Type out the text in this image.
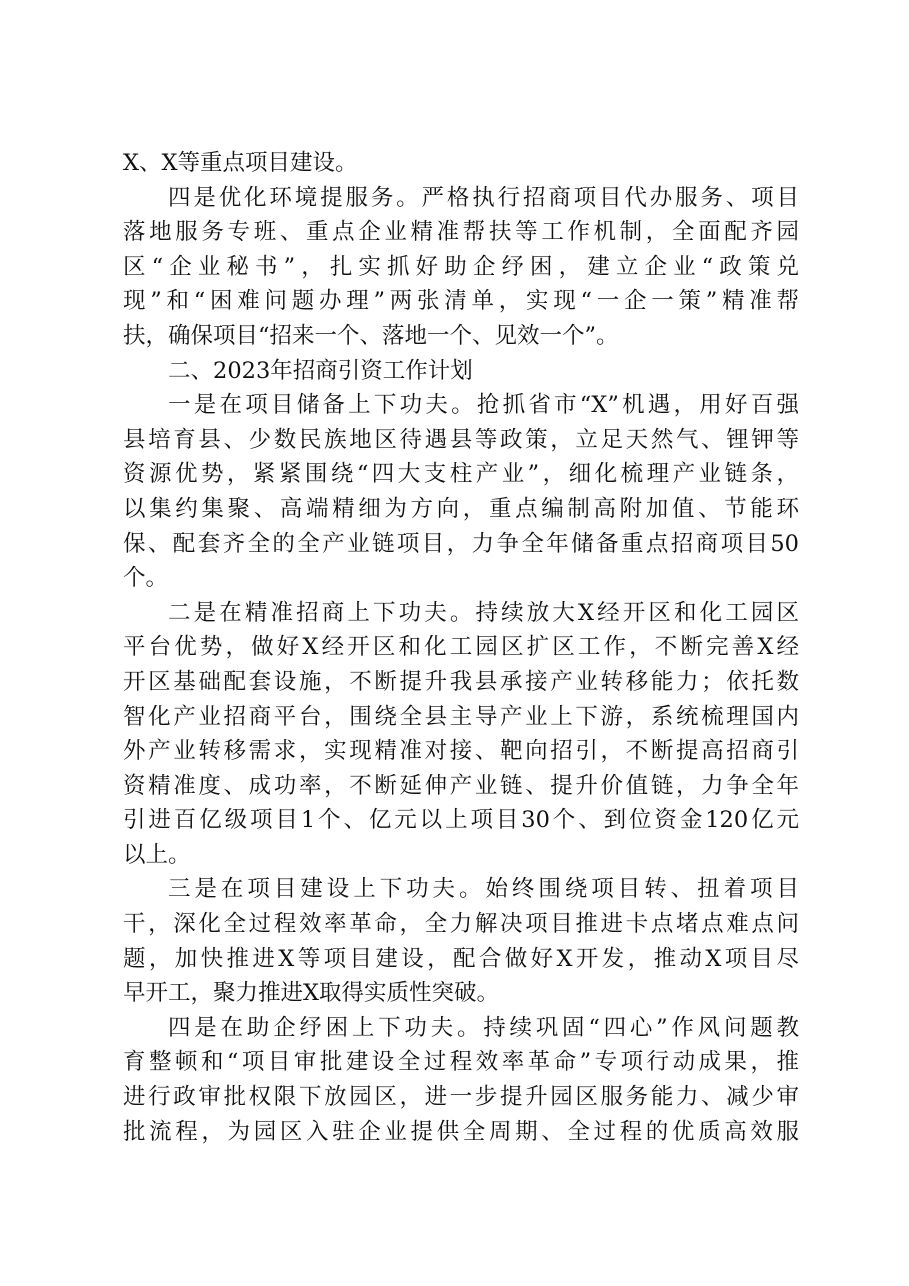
X、X等重点项目建设。
四是优化环境提服务。严格执行招商项目代办服务、项目
落地服务专班、重点企业精准帮扶等工作机制，全面配齐园
区“企业秘书”，扎实抓好助企纾困，建立企业“政策兑
现”和“困难问题办理”两张清单，实现“一企一策”精准帮
扶，确保项目“招来一个、落地一个、见效一个”。
二、2023年招商引资工作计划
一是在项目储备上下功夫。抢抓省市“X”机遇，用好百强
县培育县、少数民族地区待遇县等政策，立足天然气、锂钾等
资源优势，紧紧围绕“四大支柱产业”，细化梳理产业链条，
以集约集聚、高端精细为方向，重点编制高附加值、节能环
保、配套齐全的全产业链项目，力争全年储备重点招商项目50
个。
二是在精准招商上下功夫。持续放大X经开区和化工园区
平台优势，做好X经开区和化工园区扩区工作，不断完善X经
开区基础配套设施，不断提升我县承接产业转移能力；依托数
智化产业招商平台，围绕全县主导产业上下游，系统梳理国内
外产业转移需求，实现精准对接、靶向招引，不断提高招商引
资精准度、成功率，不断延伸产业链、提升价值链，力争全年
引进百亿级项目1个、亿元以上项目30个、到位资金120亿元
以上。
三是在项目建设上下功夫。始终围绕项目转、扭着项目
干，深化全过程效率革命，全力解决项目推进卡点堵点难点问
题，加快推进X等项目建设，配合做好X开发，推动X项目尽
早开工，聚力推进X取得实质性突破。
四是在助企纾困上下功夫。持续巩固“四心”作风问题教
育整顿和“项目审批建设全过程效率革命”专项行动成果，推
进行政审批权限下放园区，进一步提升园区服务能力、减少审
批流程，为园区入驻企业提供全周期、全过程的优质高效服
